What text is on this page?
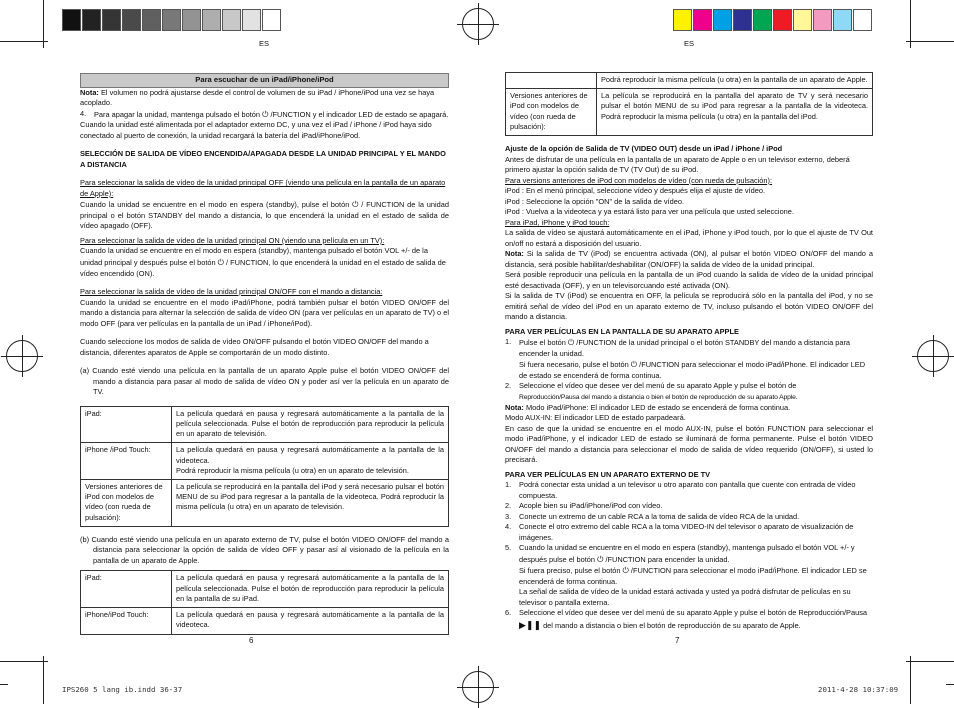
ES	ES
Para escuchar de un iPad/iPhone/iPod

Nota: El volumen no podrá ajustarse desde el control de volumen de su iPad / iPhone/iPod una vez se haya acoplado.

4.	Para apagar la unidad, mantenga pulsado el botón ⏻ /FUNCTION y el indicador LED de estado se apagará.

Cuando la unidad esté alimentada por el adaptador externo DC, y una vez el iPad / iPhone / iPod haya sido conectado al puerto de conexión, la unidad recargará la batería del iPad/iPhone/iPod.

SELECCIÓN DE SALIDA DE VÍDEO ENCENDIDA/APAGADA DESDE LA UNIDAD PRINCIPAL Y EL MANDO A DISTANCIA

Para seleccionar la salida de vídeo de la unidad principal OFF (viendo una película en la pantalla de un aparato de Apple):

Cuando la unidad se encuentre en el modo en espera (standby), pulse el botón ⏻ / FUNCTION de la unidad principal o el botón STANDBY del mando a distancia, lo que encenderá la unidad en el estado de salida de vídeo apagado (OFF).

Para seleccionar la salida de vídeo de la unidad principal ON (viendo una película en un TV):

Cuando la unidad se encuentre en el modo en espera (standby), mantenga pulsado el botón VOL +/- de la unidad principal y después pulse el botón ⏻ / FUNCTION, lo que encenderá la unidad en el estado de salida de vídeo encendido (ON).

Para seleccionar la salida de vídeo de la unidad principal ON/OFF con el mando a distancia:

Cuando la unidad se encuentre en el modo iPad/iPhone, podrá también pulsar el botón VIDEO ON/OFF del mando a distancia para alternar la selección de salida de vídeo ON (para ver películas en un aparato de TV) o el modo OFF (para ver películas en la pantalla de un iPad / iPhone/iPod).

Cuando seleccione los modos de salida de vídeo ON/OFF pulsando el botón VIDEO ON/OFF del mando a distancia, diferentes aparatos de Apple se comportarán de un modo distinto.

(a) Cuando esté viendo una película en la pantalla de un aparato Apple pulse el botón VIDEO ON/OFF del mando a distancia para pasar al modo de salida de vídeo ON y poder así ver la película en un aparato de TV.

iPad:	La película quedará en pausa y regresará automáticamente a la pantalla de la película seleccionada. Pulse el botón de reproducción para reproducir la película en un aparato de televisión.
iPhone /iPod Touch:	La película quedará en pausa y regresará automáticamente a la pantalla de la videoteca.
Podrá reproducir la misma película (u otra) en un aparato de televisión.
Versiones anteriores de iPod con modelos de vídeo (con rueda de pulsación):	La película se reproducirá en la pantalla del iPod y será necesario pulsar el botón MENU de su iPod para regresar a la pantalla de la videoteca. Podrá reproducir la misma película (u otra) en un aparato de televisión.

(b) Cuando esté viendo una película en un aparato externo de TV, pulse el botón VIDEO ON/OFF del mando a distancia para seleccionar la opción de salida de vídeo OFF y pasar así al visionado de la película en la pantalla de un aparato de Apple.

iPad:	La película quedará en pausa y regresará automáticamente a la pantalla de la película seleccionada. Pulse el botón de reproducción para reproducir la película en la pantalla de su iPad.
iPhone/iPod Touch:	La película quedará en pausa y regresará automáticamente a la pantalla de la videoteca.
6
	Podrá reproducir la misma película (u otra) en la pantalla de un aparato de Apple.
Versiones anteriores de iPod con modelos de vídeo (con rueda de pulsación):	La película se reproducirá en la pantalla del aparato de TV y será necesario pulsar el botón MENU de su iPod para regresar a la pantalla de la videoteca. Podrá reproducir la misma película (u otra) en la pantalla del iPod.

Ajuste de la opción de Salida de TV (VIDEO OUT) desde un iPad / iPhone / iPod

Antes de disfrutar de una película en la pantalla de un aparato de Apple o en un televisor externo, deberá primero ajustar la opción salida de TV (TV Out) de su iPod.

Para versions anteriores de iPod con modelos de vídeo (con rueda de pulsación):

iPod : En el menú principal, seleccione vídeo y después elija el ajuste de vídeo.

iPod : Seleccione la opción "ON" de la salida de vídeo.

iPod : Vuelva a la videoteca y ya estará listo para ver una película que usted seleccione.

Para iPad, iPhone y iPod touch:

La salida de vídeo se ajustará automáticamente en el iPad, iPhone y iPod touch, por lo que el ajuste de TV Out on/off no estará a disposición del usuario.

Nota: Si la salida de TV (iPod) se encuentra activada (ON), al pulsar el botón VIDEO ON/OFF del mando a distancia, será posible habilitar/deshabilitar (ON/OFF) la salida de vídeo de la unidad principal.

Será posible reproducir una película en la pantalla de un iPod cuando la salida de vídeo de la unidad principal esté desactivada (OFF), y en un televisorcuando esté activada (ON).

Si la salida de TV (iPod) se encuentra en OFF, la película se reproducirá sólo en la pantalla del iPod, y no se emitirá señal de vídeo del iPod en un aparato externo de TV, incluso pulsando el botón VIDEO ON/OFF del mando a distancia.

PARA VER PELÍCULAS EN LA PANTALLA DE SU APARATO APPLE

1.	Pulse el botón ⏻ /FUNCTION de la unidad principal o el botón STANDBY del mando a distancia para encender la unidad.
Si fuera necesario, pulse el botón ⏻ /FUNCTION para seleccionar el modo iPad/iPhone. El indicador LED de estado se encenderá de forma continua.
2.	Seleccione el vídeo que desee ver del menú de su aparato Apple y pulse el botón de
Reproducción/Pausa del mando a distancia o bien el botón de reproducción de su aparato Apple.

Nota: Modo iPad/iPhone: El indicador LED de estado se encenderá de forma continua.

Modo AUX-IN: El indicador LED de estado parpadeará.

En caso de que la unidad se encuentre en el modo AUX-IN, pulse el botón FUNCTION para seleccionar el modo iPad/iPhone, y el indicador LED de estado se iluminará de forma permanente. Pulse el botón VIDEO ON/OFF del mando a distancia para seleccionar el modo de salida de vídeo requerido (ON/OFF), si usted lo precisará.

PARA VER PELÍCULAS EN UN APARATO EXTERNO DE TV

1.	Podrá conectar esta unidad a un televisor u otro aparato con pantalla que cuente con entrada de vídeo compuesta.
2.	Acople bien su iPad/iPhone/iPod con vídeo.
3.	Conecte un extremo de un cable RCA a la toma de salida de vídeo RCA de la unidad.
4.	Conecte el otro extremo del cable RCA a la toma VIDEO-IN del televisor o aparato de visualización de imágenes.
5.	Cuando la unidad se encuentre en el modo en espera (standby), mantenga pulsado el botón VOL +/- y después pulse el botón ⏻ /FUNCTION para encender la unidad.
Si fuera preciso, pulse el botón ⏻ /FUNCTION para seleccionar el modo iPad/iPhone. El indicador LED se encenderá de forma continua.
La señal de salida de vídeo de la unidad estará activada y usted ya podrá disfrutar de películas en su televisor o pantalla externa.
6.	Seleccione el vídeo que desee ver del menú de su aparato Apple y pulse el botón de Reproducción/Pausa ▶❚❚ del mando a distancia o bien el botón de reproducción de su aparato de Apple.
7
IPS260 5 lang ib.indd 36-37	2011-4-28 10:37:09
